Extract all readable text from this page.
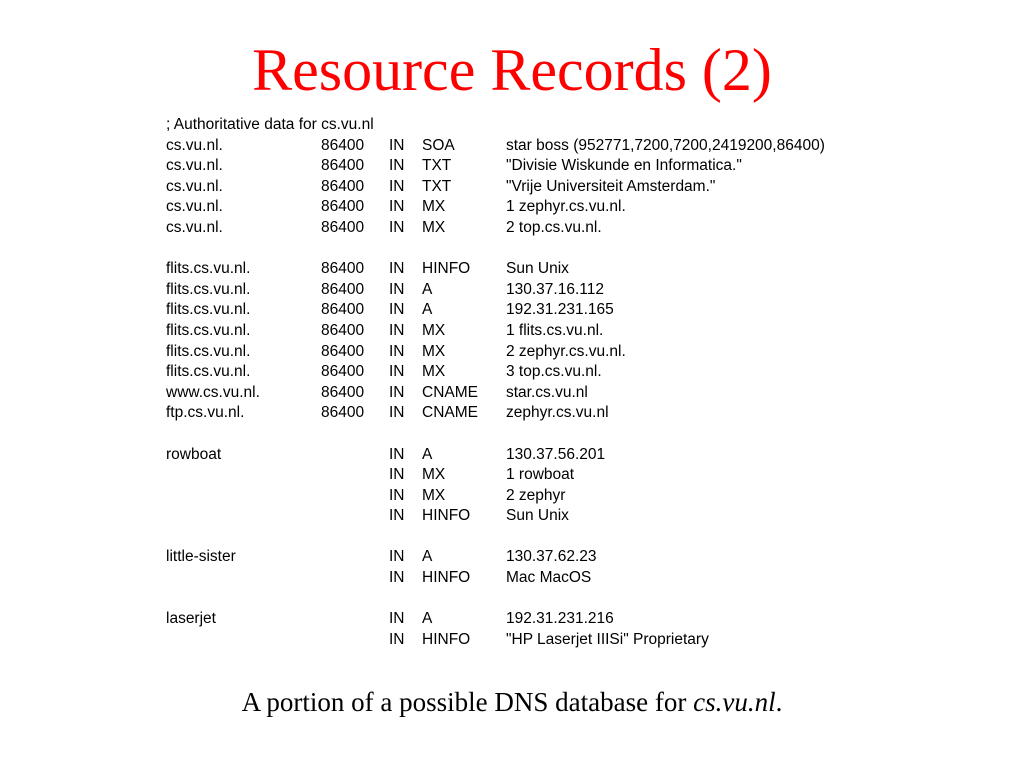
Resource Records (2)
; Authoritative data for cs.vu.nl
cs.vu.nl.	86400	IN	SOA	star boss (952771,7200,7200,2419200,86400)
cs.vu.nl.	86400	IN	TXT	"Divisie Wiskunde en Informatica."
cs.vu.nl.	86400	IN	TXT	"Vrije Universiteit Amsterdam."
cs.vu.nl.	86400	IN	MX	1 zephyr.cs.vu.nl.
cs.vu.nl.	86400	IN	MX	2 top.cs.vu.nl.

flits.cs.vu.nl.	86400	IN	HINFO	Sun Unix
flits.cs.vu.nl.	86400	IN	A	130.37.16.112
flits.cs.vu.nl.	86400	IN	A	192.31.231.165
flits.cs.vu.nl.	86400	IN	MX	1 flits.cs.vu.nl.
flits.cs.vu.nl.	86400	IN	MX	2 zephyr.cs.vu.nl.
flits.cs.vu.nl.	86400	IN	MX	3 top.cs.vu.nl.
www.cs.vu.nl.	86400	IN	CNAME	star.cs.vu.nl
ftp.cs.vu.nl.	86400	IN	CNAME	zephyr.cs.vu.nl

rowboat		IN	A	130.37.56.201
		IN	MX	1 rowboat
		IN	MX	2 zephyr
		IN	HINFO	Sun Unix

little-sister		IN	A	130.37.62.23
		IN	HINFO	Mac MacOS

laserjet		IN	A	192.31.231.216
		IN	HINFO	"HP Laserjet IIISi" Proprietary
A portion of a possible DNS database for cs.vu.nl.
